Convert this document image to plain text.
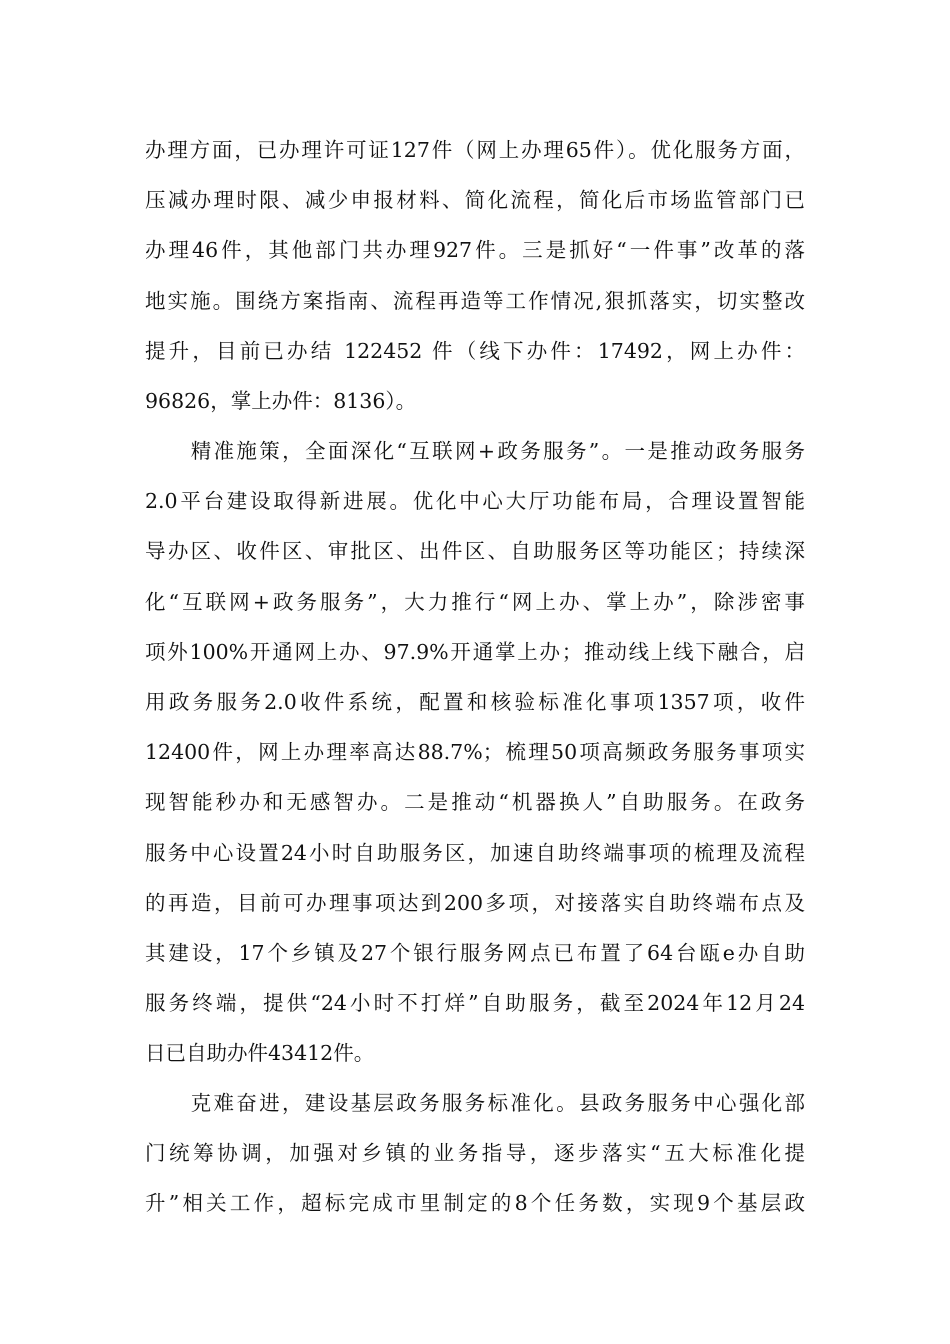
办理方面，已办理许可证127件（网上办理65件）。优化服务方面，
压减办理时限、减少申报材料、简化流程，简化后市场监管部门已
办理46件，其他部门共办理927件。三是抓好“一件事”改革的落
地实施。围绕方案指南、流程再造等工作情况,狠抓落实，切实整改
提升，目前已办结 122452 件（线下办件：17492，网上办件：
96826，掌上办件：8136）。
　　精准施策，全面深化“互联网+政务服务”。一是推动政务服务
2.0平台建设取得新进展。优化中心大厅功能布局，合理设置智能
导办区、收件区、审批区、出件区、自助服务区等功能区；持续深
化“互联网+政务服务”，大力推行“网上办、掌上办”，除涉密事
项外100%开通网上办、97.9%开通掌上办；推动线上线下融合，启
用政务服务2.0收件系统，配置和核验标准化事项1357项，收件
12400件，网上办理率高达88.7%；梳理50项高频政务服务事项实
现智能秒办和无感智办。二是推动“机器换人”自助服务。在政务
服务中心设置24小时自助服务区，加速自助终端事项的梳理及流程
的再造，目前可办理事项达到200多项，对接落实自助终端布点及
其建设，17个乡镇及27个银行服务网点已布置了64台瓯e办自助
服务终端，提供“24小时不打烊”自助服务，截至2024年12月24
日已自助办件43412件。
　　克难奋进，建设基层政务服务标准化。县政务服务中心强化部
门统筹协调，加强对乡镇的业务指导，逐步落实“五大标准化提
升”相关工作，超标完成市里制定的8个任务数，实现9个基层政
